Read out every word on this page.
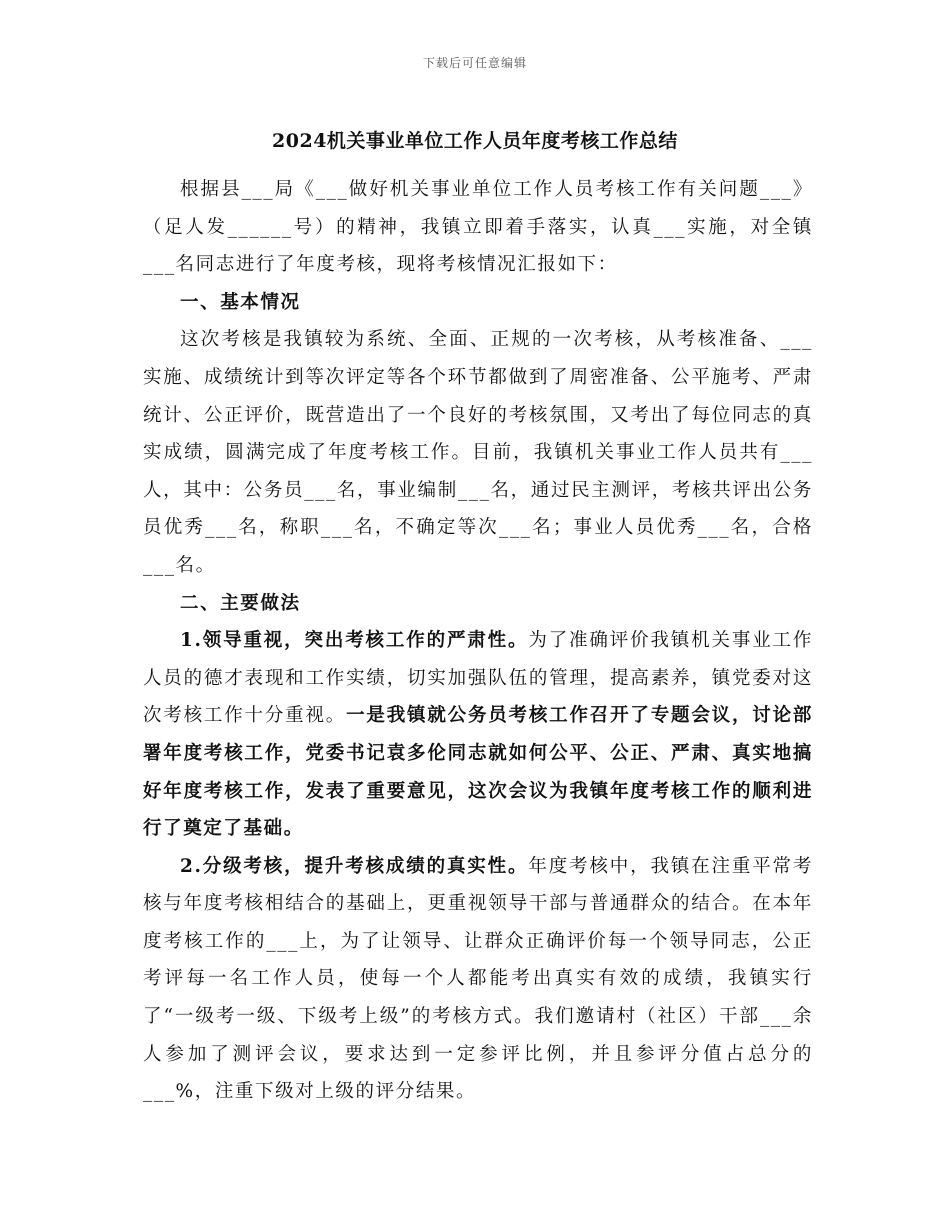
下载后可任意编辑
2024机关事业单位工作人员年度考核工作总结

根据县___局《___做好机关事业单位工作人员考核工作有关问题___》（足人发______号）的精神，我镇立即着手落实，认真___实施，对全镇___名同志进行了年度考核，现将考核情况汇报如下：

一、基本情况

这次考核是我镇较为系统、全面、正规的一次考核，从考核准备、___实施、成绩统计到等次评定等各个环节都做到了周密准备、公平施考、严肃统计、公正评价，既营造出了一个良好的考核氛围，又考出了每位同志的真实成绩，圆满完成了年度考核工作。目前，我镇机关事业工作人员共有___人，其中：公务员___名，事业编制___名，通过民主测评，考核共评出公务员优秀___名，称职___名，不确定等次___名；事业人员优秀___名，合格___名。

二、主要做法

1.领导重视，突出考核工作的严肃性。为了准确评价我镇机关事业工作人员的德才表现和工作实绩，切实加强队伍的管理，提高素养，镇党委对这次考核工作十分重视。一是我镇就公务员考核工作召开了专题会议，讨论部署年度考核工作，党委书记袁多伦同志就如何公平、公正、严肃、真实地搞好年度考核工作，发表了重要意见，这次会议为我镇年度考核工作的顺利进行了奠定了基础。

2.分级考核，提升考核成绩的真实性。年度考核中，我镇在注重平常考核与年度考核相结合的基础上，更重视领导干部与普通群众的结合。在本年度考核工作的___上，为了让领导、让群众正确评价每一个领导同志，公正考评每一名工作人员，使每一个人都能考出真实有效的成绩，我镇实行了“一级考一级、下级考上级”的考核方式。我们邀请村（社区）干部___余人参加了测评会议，要求达到一定参评比例，并且参评分值占总分的___%，注重下级对上级的评分结果。
